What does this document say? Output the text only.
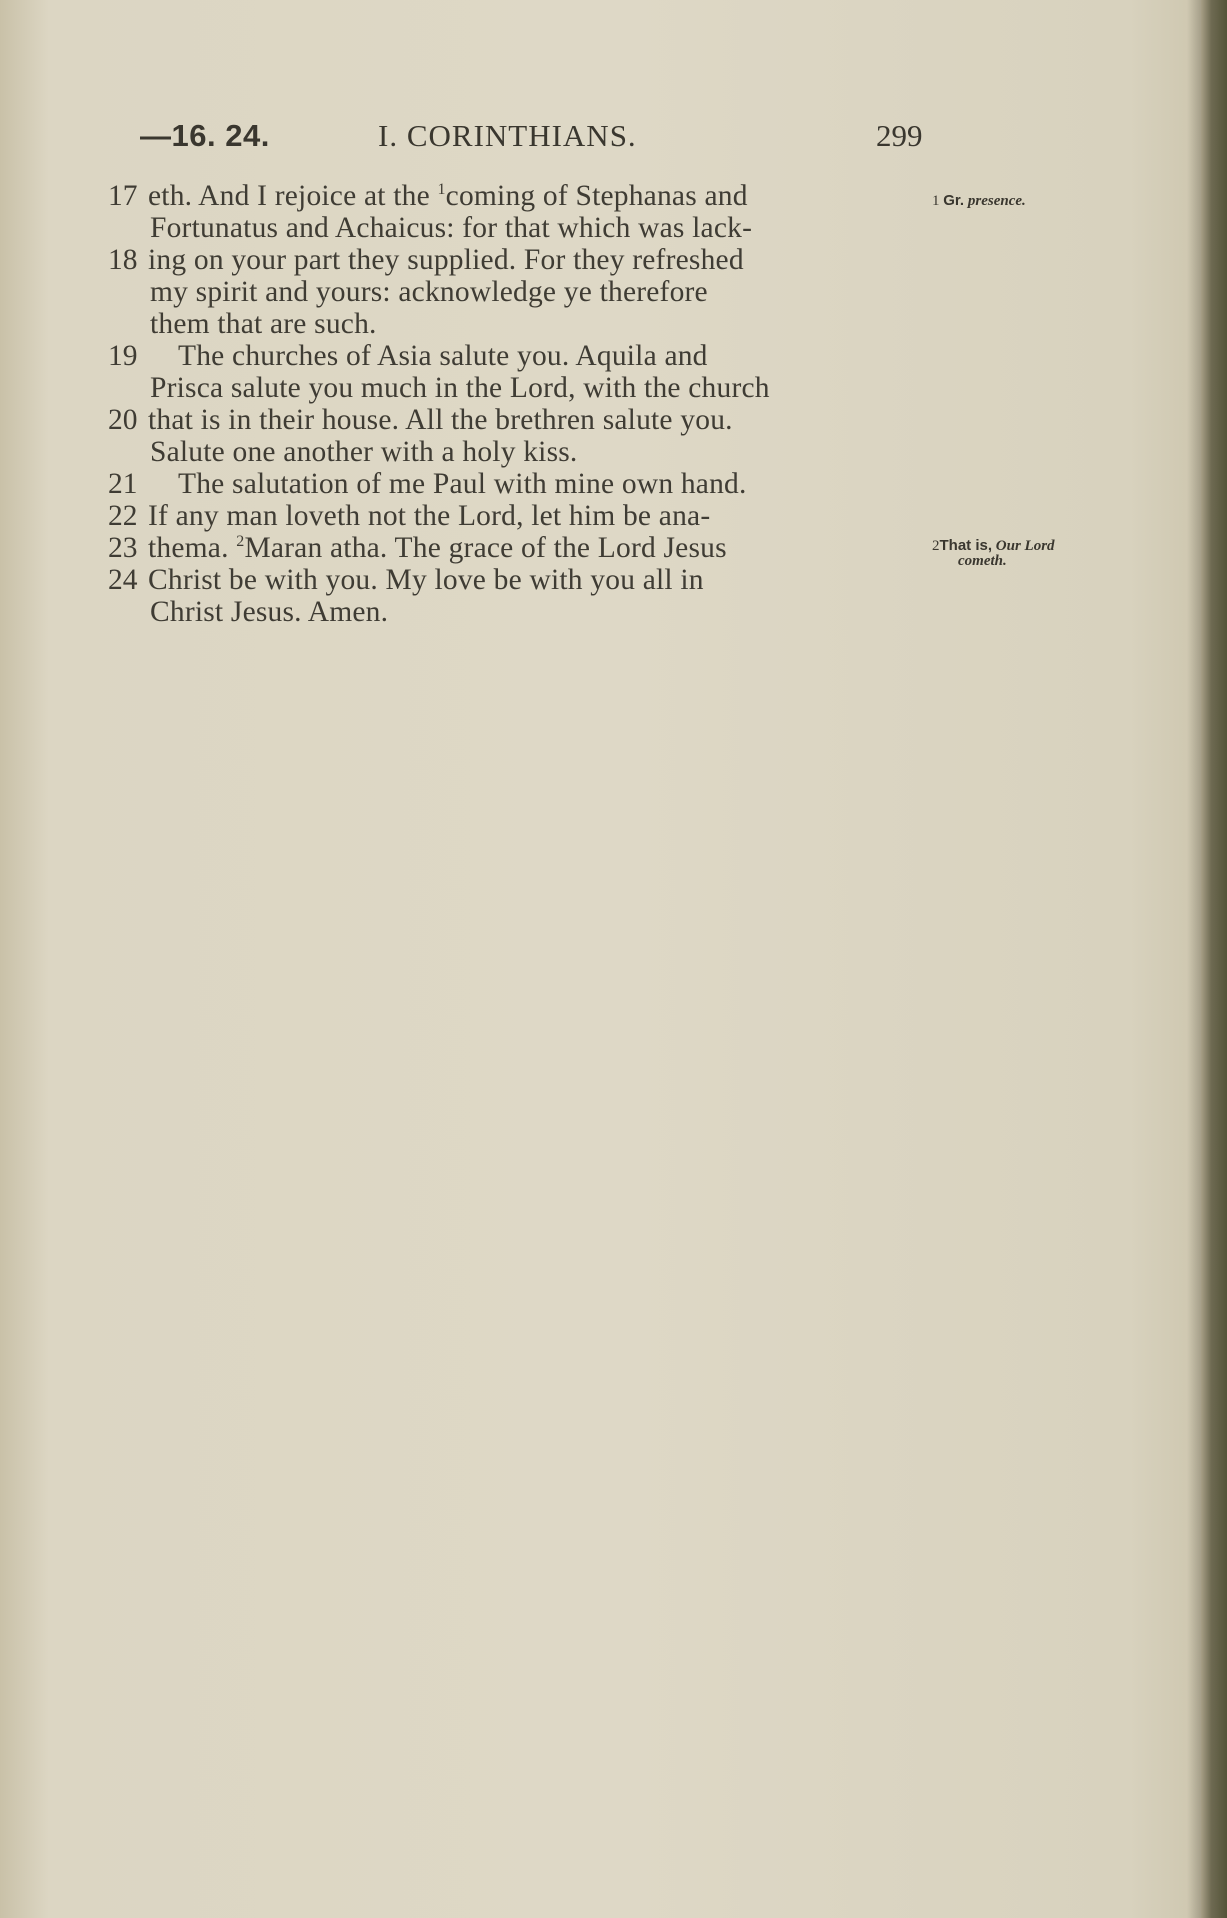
—16. 24.	I. CORINTHIANS.	299
17 eth. And I rejoice at the $^1$coming of Stephanas and
Fortunatus and Achaicus: for that which was lack-
18 ing on your part they supplied. For they refreshed
my spirit and yours: acknowledge ye therefore
them that are such.
19 The churches of Asia salute you. Aquila and
Prisca salute you much in the Lord, with the church
20 that is in their house. All the brethren salute you.
Salute one another with a holy kiss.
21 The salutation of me Paul with mine own hand.
22 If any man loveth not the Lord, let him be ana-
23 thema. $^2$Maran atha. The grace of the Lord Jesus
24 Christ be with you. My love be with you all in
Christ Jesus. Amen.
1 Gr. presence.
2That is, Our Lord
cometh.
